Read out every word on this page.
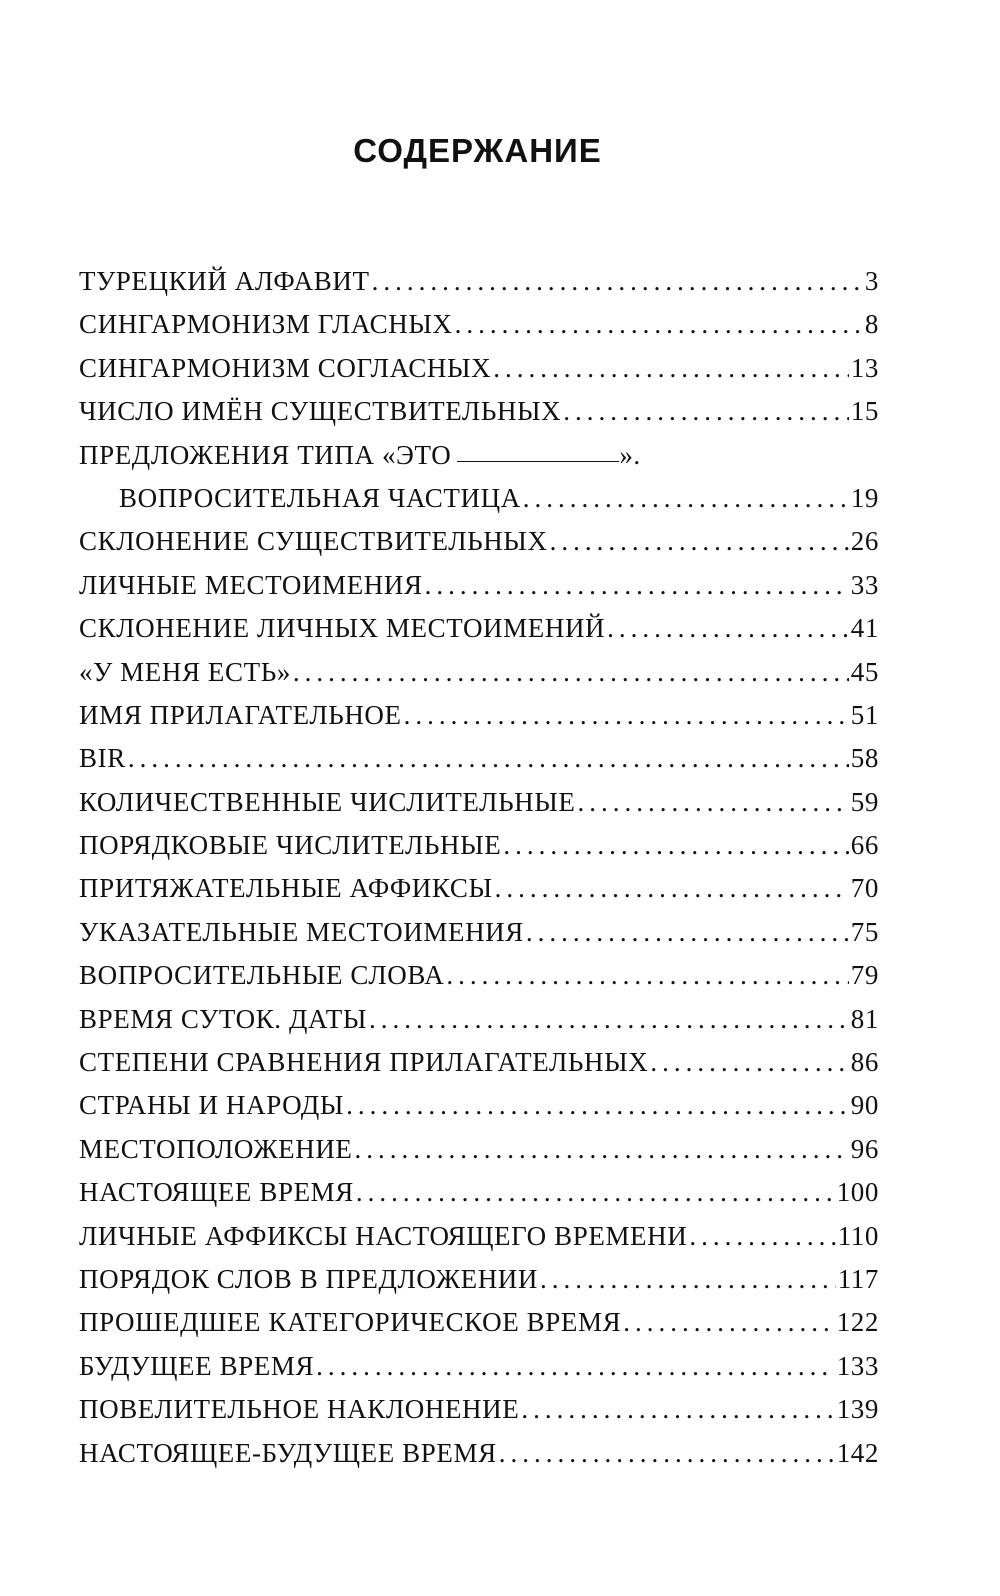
СОДЕРЖАНИЕ
ТУРЕЦКИЙ АЛФАВИТ .....	3
СИНГАРМОНИЗМ ГЛАСНЫХ .....	8
СИНГАРМОНИЗМ СОГЛАСНЫХ .....	13
ЧИСЛО ИМЁН СУЩЕСТВИТЕЛЬНЫХ .....	15
ПРЕДЛОЖЕНИЯ ТИПА «ЭТО	».
ВОПРОСИТЕЛЬНАЯ ЧАСТИЦА .....	19
СКЛОНЕНИЕ СУЩЕСТВИТЕЛЬНЫХ .....	26
ЛИЧНЫЕ МЕСТОИМЕНИЯ .....	33
СКЛОНЕНИЕ ЛИЧНЫХ МЕСТОИМЕНИЙ .....	41
«У МЕНЯ ЕСТЬ» .....	45
ИМЯ ПРИЛАГАТЕЛЬНОЕ .....	51
BIR .....	58
КОЛИЧЕСТВЕННЫЕ ЧИСЛИТЕЛЬНЫЕ .....	59
ПОРЯДКОВЫЕ ЧИСЛИТЕЛЬНЫЕ .....	66
ПРИТЯЖАТЕЛЬНЫЕ АФФИКСЫ .....	70
УКАЗАТЕЛЬНЫЕ МЕСТОИМЕНИЯ .....	75
ВОПРОСИТЕЛЬНЫЕ СЛОВА .....	79
ВРЕМЯ СУТОК. ДАТЫ .....	81
СТЕПЕНИ СРАВНЕНИЯ ПРИЛАГАТЕЛЬНЫХ .....	86
СТРАНЫ И НАРОДЫ .....	90
МЕСТОПОЛОЖЕНИЕ .....	96
НАСТОЯЩЕЕ ВРЕМЯ .....	100
ЛИЧНЫЕ АФФИКСЫ НАСТОЯЩЕГО ВРЕМЕНИ .....	110
ПОРЯДОК СЛОВ В ПРЕДЛОЖЕНИИ .....	117
ПРОШЕДШЕЕ КАТЕГОРИЧЕСКОЕ ВРЕМЯ .....	122
БУДУЩЕЕ ВРЕМЯ .....	133
ПОВЕЛИТЕЛЬНОЕ НАКЛОНЕНИЕ .....	139
НАСТОЯЩЕЕ-БУДУЩЕЕ ВРЕМЯ .....	142
